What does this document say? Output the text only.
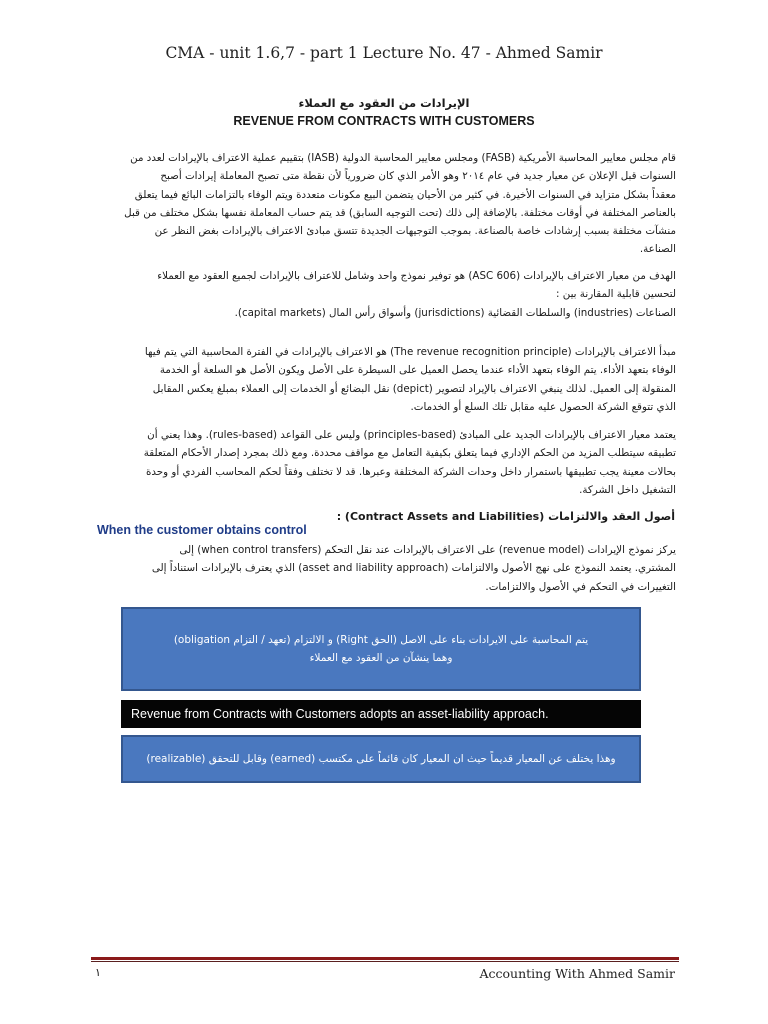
CMA - unit 1.6,7 - part 1 Lecture No. 47 - Ahmed Samir
الإيرادات من العقود مع العملاء
REVENUE FROM CONTRACTS WITH CUSTOMERS
قام مجلس معايير المحاسبة الأمريكية (FASB) ومجلس معايير المحاسبة الدولية (IASB) بتقييم عملية الاعتراف بالإيرادات لعدد من
السنوات قبل الإعلان عن معيار جديد في عام ٢٠١٤ وهو الأمر الذي كان ضرورياً لأن نقطة متى تصبح المعاملة إيرادات أصبح
معقداً بشكل متزايد في السنوات الأخيرة. في كثير من الأحيان يتضمن البيع مكونات متعددة ويتم الوفاء بالتزامات البائع فيما يتعلق
بالعناصر المختلفة في أوقات مختلفة. بالإضافة إلى ذلك (تحت التوجيه السابق) قد يتم حساب المعاملة نفسها بشكل مختلف من قبل
منشآت مختلفة بسبب إرشادات خاصة بالصناعة. بموجب التوجيهات الجديدة تتسق مبادئ الاعتراف بالإيرادات بغض النظر عن
الصناعة.
الهدف من معيار الاعتراف بالإيرادات (ASC 606) هو توفير نموذج واحد وشامل للاعتراف بالإيرادات لجميع العقود مع العملاء
لتحسين قابلية المقارنة بين :
الصناعات (industries) والسلطات القضائية (jurisdictions) وأسواق رأس المال (capital markets).
مبدأ الاعتراف بالإيرادات (The revenue recognition principle) هو الاعتراف بالإيرادات في الفترة المحاسبية التي يتم فيها
الوفاء بتعهد الأداء. يتم الوفاء بتعهد الأداء عندما يحصل العميل على السيطرة على الأصل ويكون الأصل هو السلعة أو الخدمة
المنقولة إلى العميل. لذلك ينبغي الاعتراف بالإيراد لتصوير (depict) نقل البضائع أو الخدمات إلى العملاء بمبلغ يعكس المقابل
الذي تتوقع الشركة الحصول عليه مقابل تلك السلع أو الخدمات.
يعتمد معيار الاعتراف بالإيرادات الجديد على المبادئ (principles-based) وليس على القواعد (rules-based). وهذا يعني أن
تطبيقه سيتطلب المزيد من الحكم الإداري فيما يتعلق بكيفية التعامل مع مواقف محددة. ومع ذلك بمجرد إصدار الأحكام المتعلقة
بحالات معينة يجب تطبيقها باستمرار داخل وحدات الشركة المختلفة وعبرها. قد لا تختلف وفقاً لحكم المحاسب الفردي أو وحدة
التشغيل داخل الشركة.
أصول العقد والالتزامات (Contract Assets and Liabilities) :
When the customer obtains control
يركز نموذج الإيرادات (revenue model) على الاعتراف بالإيرادات عند نقل التحكم (when control transfers) إلى
المشتري. يعتمد النموذج على نهج الأصول والالتزامات (asset and liability approach) الذي يعترف بالإيرادات استناداً إلى
التغييرات في التحكم في الأصول والالتزامات.
يتم المحاسبة على الايرادات بناء على الاصل (الحق Right) و الالتزام (تعهد / التزام obligation)
وهما ينشآن من العقود مع العملاء
Revenue from Contracts with Customers adopts an asset-liability approach.
وهذا يختلف عن المعيار قديماً حيث ان المعيار كان قائماً على مكتسب (earned) وقابل للتحقق (realizable)
١	Accounting With Ahmed Samir
